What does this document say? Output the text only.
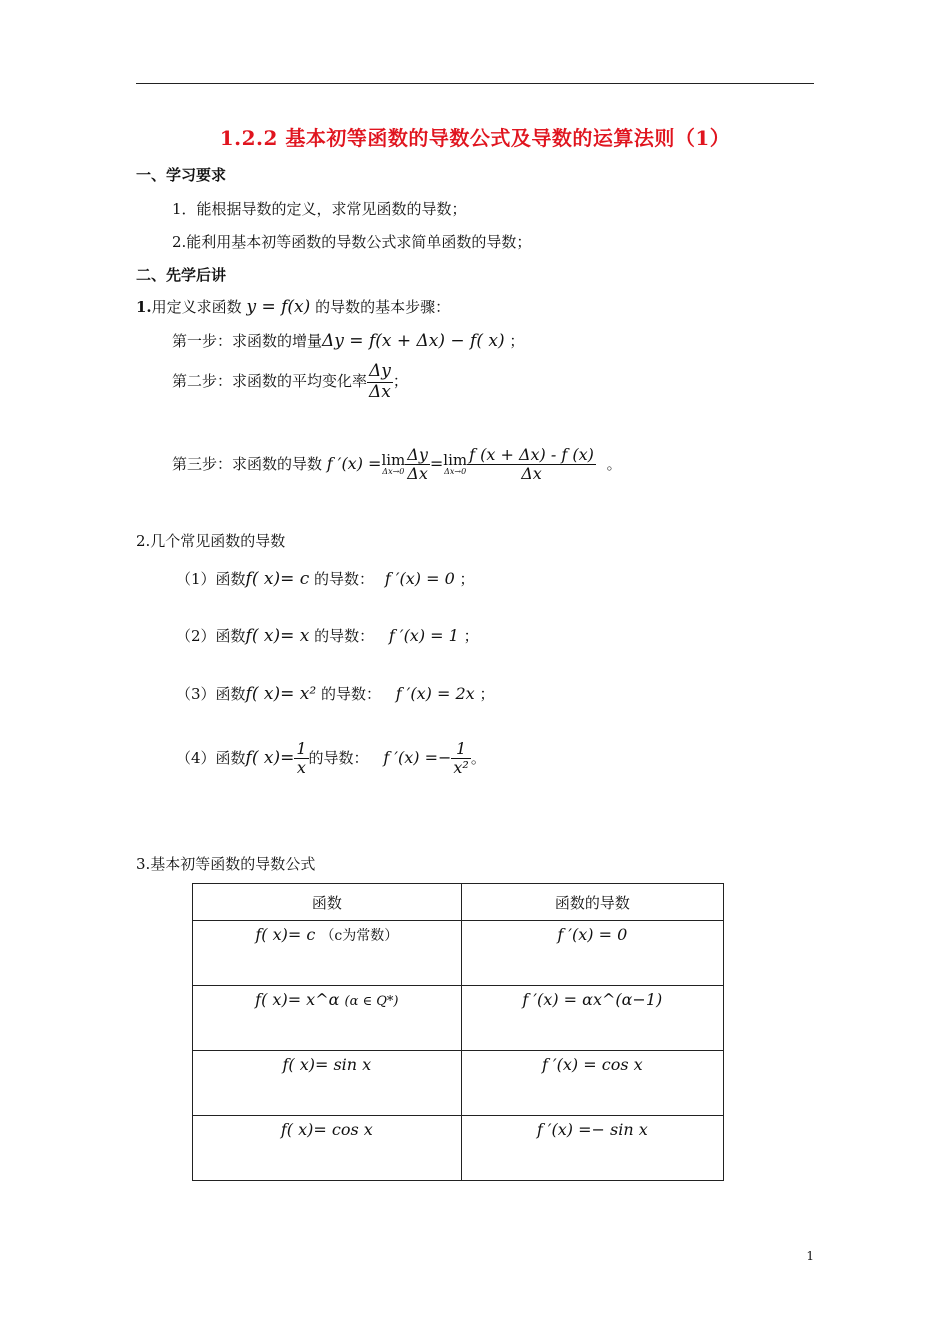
1.2.2 基本初等函数的导数公式及导数的运算法则（1）
一、学习要求
1．能根据导数的定义，求常见函数的导数；
2.能利用基本初等函数的导数公式求简单函数的导数；
二、先学后讲
1.用定义求函数 y = f(x) 的导数的基本步骤：
第一步：求函数的增量Δy = f(x + Δx) − f( x) ；
第二步：求函数的平均变化率 $\frac{\Delta y}{\Delta x}$ ；
第三步：求函数的导数 f ′(x) = lim
$\Delta x\to 0 \frac{\Delta y}{\Delta x} = \lim$
$\Delta x\to 0 \frac{f (x + \Delta x) - f (x)}{\Delta x}$ 。
2.几个常见函数的导数
（1）函数f( x)= c 的导数： f ′(x) = 0 ；
（2）函数f( x)= x 的导数： f ′(x) = 1 ；
（3）函数f( x)= x² 的导数： f ′(x) = 2x ；
（4）函数f( $x)= \frac{1}{x}$ 的导数： f $'(x) =- \frac{1}{\text{x²}}$ 。
3.基本初等函数的导数公式
函数	函数的导数
f( x)= c （c为常数）	f ′(x) = 0
f( x)= x^α (α ∈ Q*)	f ′(x) = αx^(α−1)
f( x)= sin x	f ′(x) = cos x
f( x)= cos x	f ′(x) =− sin x
1
